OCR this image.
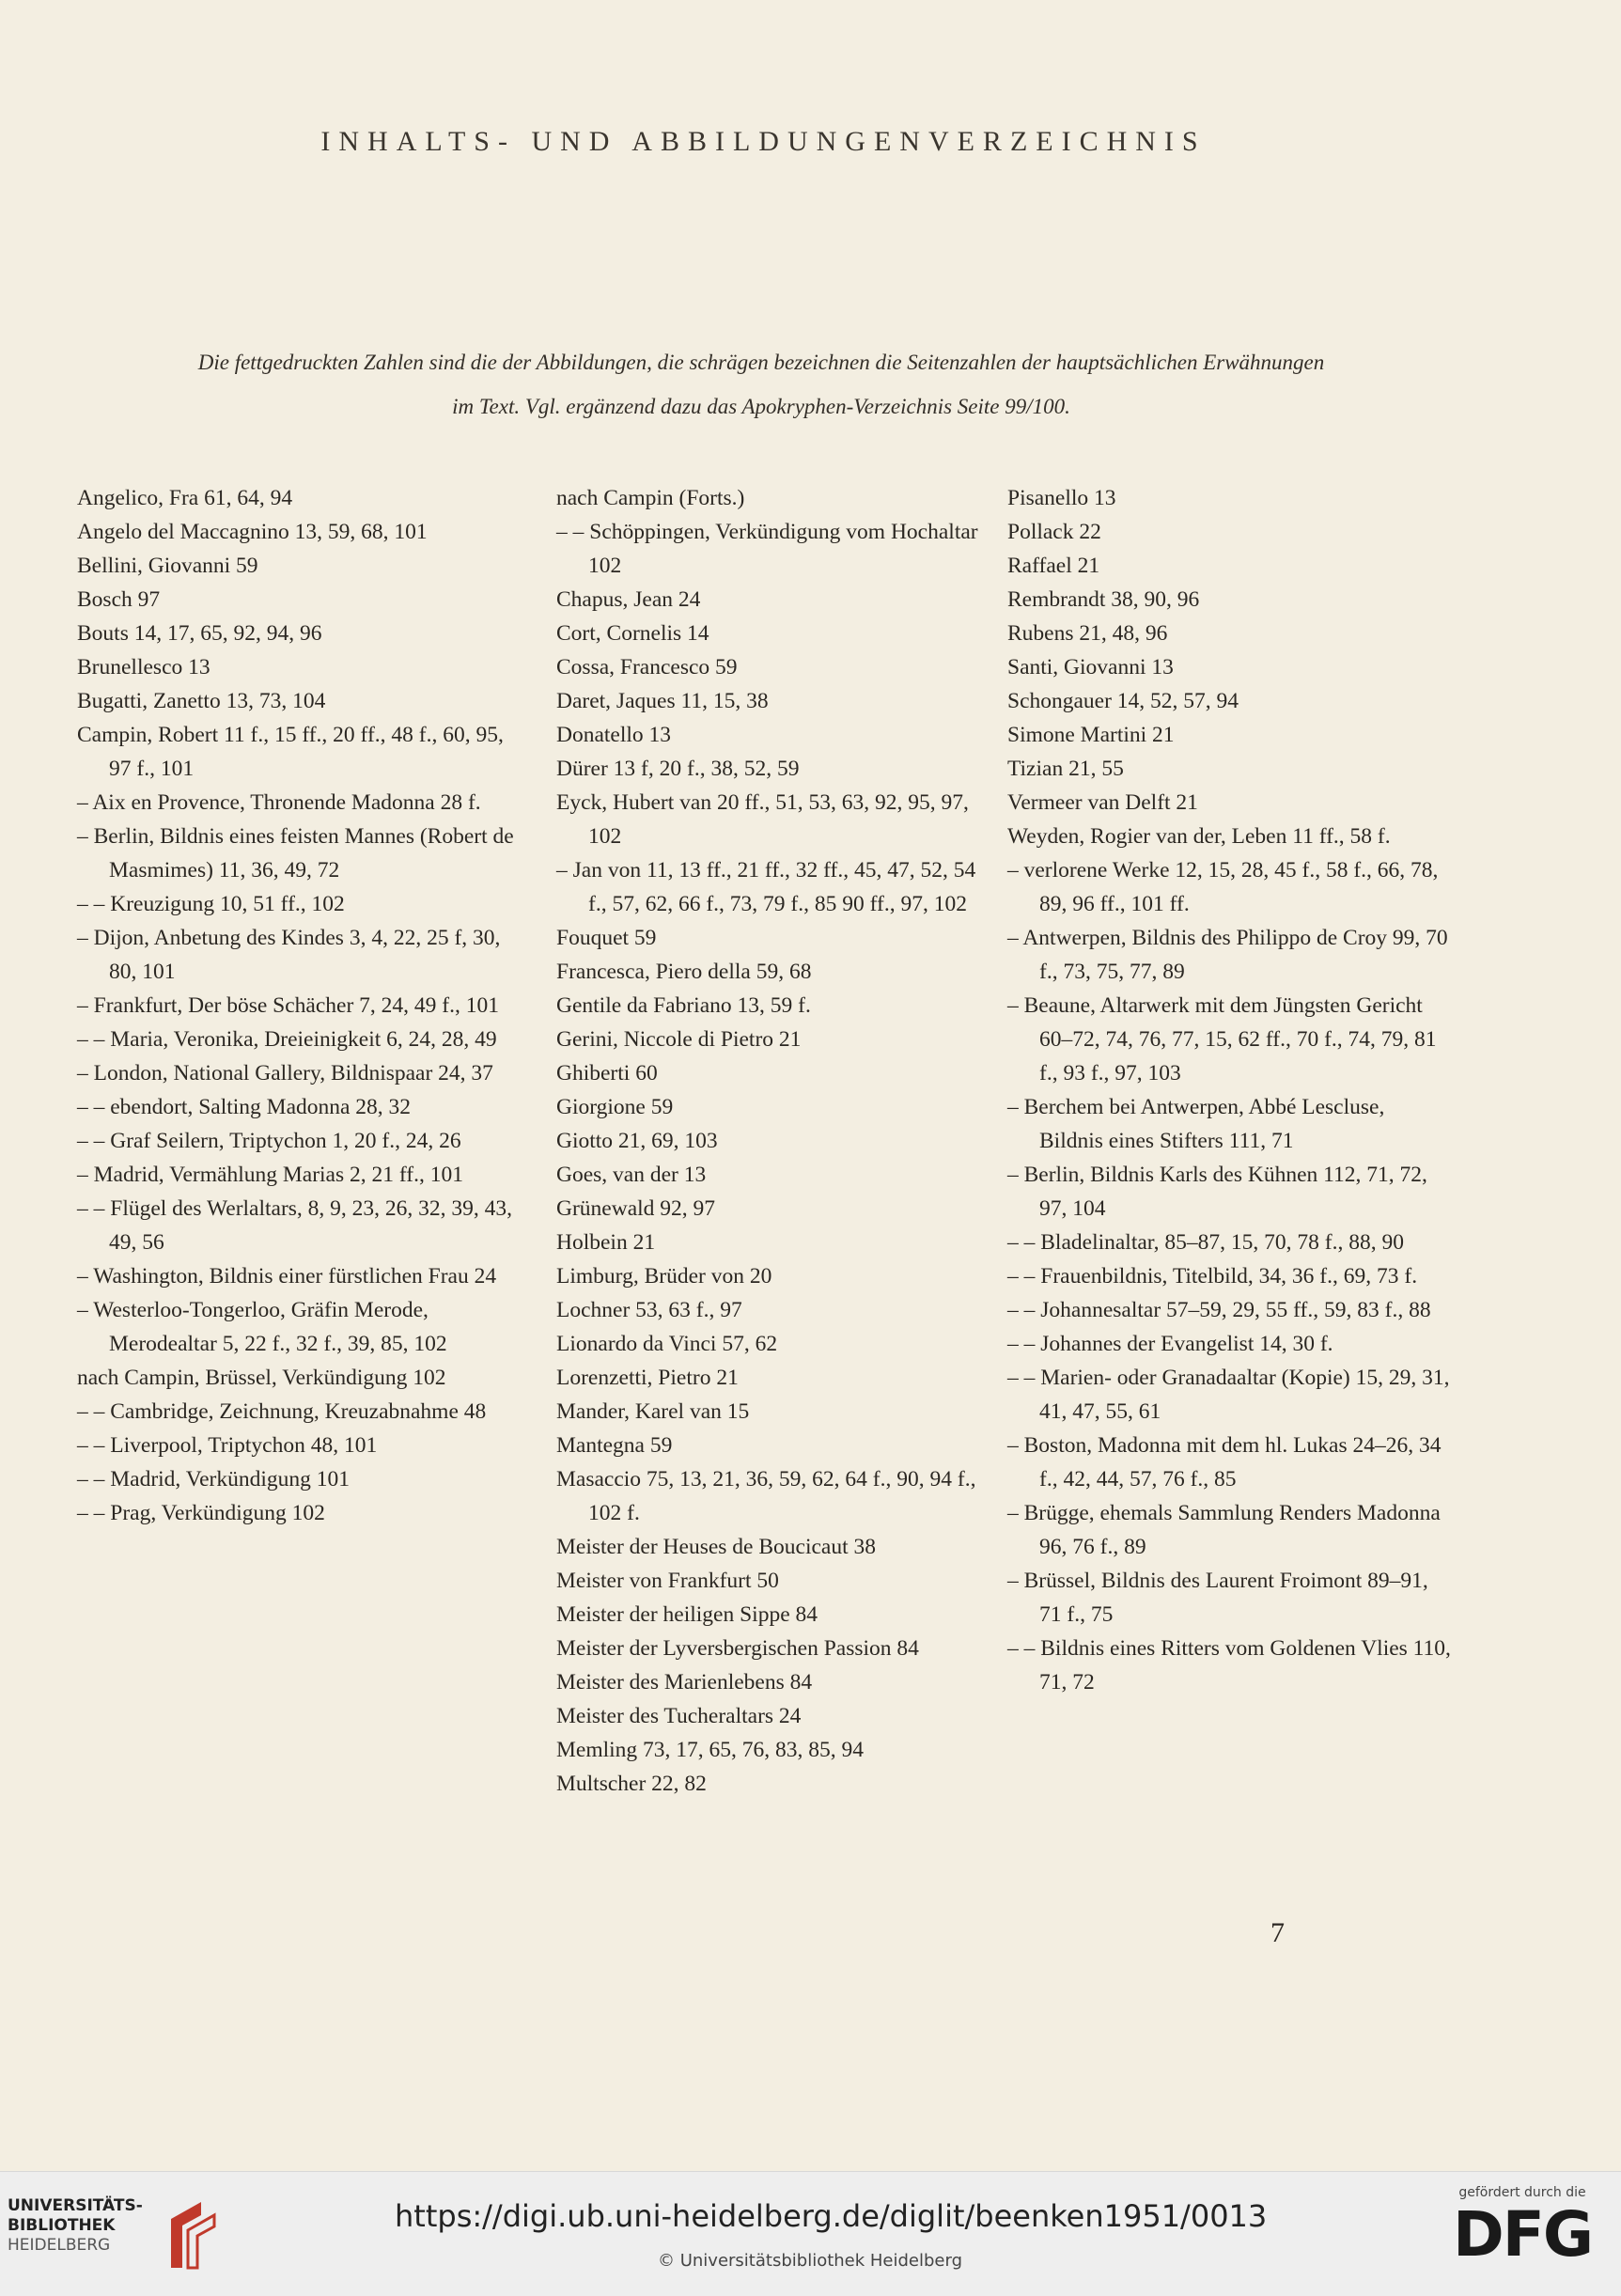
INHALTS- UND ABBILDUNGENVERZEICHNIS

Die fettgedruckten Zahlen sind die der Abbildungen, die schrägen bezeichnen die Seitenzahlen der hauptsächlichen Erwähnungen

im Text. Vgl. ergänzend dazu das Apokryphen-Verzeichnis Seite 99/100.

Angelico, Fra 61, 64, 94
Angelo del Maccagnino 13, 59, 68, 101
Bellini, Giovanni 59
Bosch 97
Bouts 14, 17, 65, 92, 94, 96
Brunellesco 13
Bugatti, Zanetto 13, 73, 104
Campin, Robert 11 f., 15 ff., 20 ff., 48 f., 60, 95, 97 f., 101
– Aix en Provence, Thronende Madonna 28 f.
– Berlin, Bildnis eines feisten Mannes (Robert de Masmimes) 11, 36, 49, 72
– – Kreuzigung 10, 51 ff., 102
– Dijon, Anbetung des Kindes 3, 4, 22, 25 f, 30, 80, 101
– Frankfurt, Der böse Schächer 7, 24, 49 f., 101
– – Maria, Veronika, Dreieinigkeit 6, 24, 28, 49
– London, National Gallery, Bildnispaar 24, 37
– – ebendort, Salting Madonna 28, 32
– – Graf Seilern, Triptychon 1, 20 f., 24, 26
– Madrid, Vermählung Marias 2, 21 ff., 101
– – Flügel des Werlaltars, 8, 9, 23, 26, 32, 39, 43, 49, 56
– Washington, Bildnis einer fürstlichen Frau 24
– Westerloo-Tongerloo, Gräfin Merode, Merodealtar 5, 22 f., 32 f., 39, 85, 102
nach Campin, Brüssel, Verkündigung 102
– – Cambridge, Zeichnung, Kreuzabnahme 48
– – Liverpool, Triptychon 48, 101
– – Madrid, Verkündigung 101
– – Prag, Verkündigung 102
nach Campin (Forts.)
– – Schöppingen, Verkündigung vom Hochaltar 102
Chapus, Jean 24
Cort, Cornelis 14
Cossa, Francesco 59
Daret, Jaques 11, 15, 38
Donatello 13
Dürer 13 f, 20 f., 38, 52, 59
Eyck, Hubert van 20 ff., 51, 53, 63, 92, 95, 97, 102
– Jan von 11, 13 ff., 21 ff., 32 ff., 45, 47, 52, 54 f., 57, 62, 66 f., 73, 79 f., 85 90 ff., 97, 102
Fouquet 59
Francesca, Piero della 59, 68
Gentile da Fabriano 13, 59 f.
Gerini, Niccole di Pietro 21
Ghiberti 60
Giorgione 59
Giotto 21, 69, 103
Goes, van der 13
Grünewald 92, 97
Holbein 21
Limburg, Brüder von 20
Lochner 53, 63 f., 97
Lionardo da Vinci 57, 62
Lorenzetti, Pietro 21
Mander, Karel van 15
Mantegna 59
Masaccio 75, 13, 21, 36, 59, 62, 64 f., 90, 94 f., 102 f.
Meister der Heuses de Boucicaut 38
Meister von Frankfurt 50
Meister der heiligen Sippe 84
Meister der Lyversbergischen Passion 84
Meister des Marienlebens 84
Meister des Tucheraltars 24
Memling 73, 17, 65, 76, 83, 85, 94
Multscher 22, 82
Pisanello 13
Pollack 22
Raffael 21
Rembrandt 38, 90, 96
Rubens 21, 48, 96
Santi, Giovanni 13
Schongauer 14, 52, 57, 94
Simone Martini 21
Tizian 21, 55
Vermeer van Delft 21
Weyden, Rogier van der, Leben 11 ff., 58 f.
– verlorene Werke 12, 15, 28, 45 f., 58 f., 66, 78, 89, 96 ff., 101 ff.
– Antwerpen, Bildnis des Philippo de Croy 99, 70 f., 73, 75, 77, 89
– Beaune, Altarwerk mit dem Jüngsten Gericht 60–72, 74, 76, 77, 15, 62 ff., 70 f., 74, 79, 81 f., 93 f., 97, 103
– Berchem bei Antwerpen, Abbé Lescluse, Bildnis eines Stifters 111, 71
– Berlin, Bildnis Karls des Kühnen 112, 71, 72, 97, 104
– – Bladelinaltar, 85–87, 15, 70, 78 f., 88, 90
– – Frauenbildnis, Titelbild, 34, 36 f., 69, 73 f.
– – Johannesaltar 57–59, 29, 55 ff., 59, 83 f., 88
– – Johannes der Evangelist 14, 30 f.
– – Marien- oder Granadaaltar (Kopie) 15, 29, 31, 41, 47, 55, 61
– Boston, Madonna mit dem hl. Lukas 24–26, 34 f., 42, 44, 57, 76 f., 85
– Brügge, ehemals Sammlung Renders Madonna 96, 76 f., 89
– Brüssel, Bildnis des Laurent Froimont 89–91, 71 f., 75
– – Bildnis eines Ritters vom Goldenen Vlies 110, 71, 72
7
UNIVERSITÄTS-
BIBLIOTHEK
HEIDELBERG
https://digi.ub.uni-heidelberg.de/diglit/beenken1951/0013
© Universitätsbibliothek Heidelberg
gefördert durch die
DFG
